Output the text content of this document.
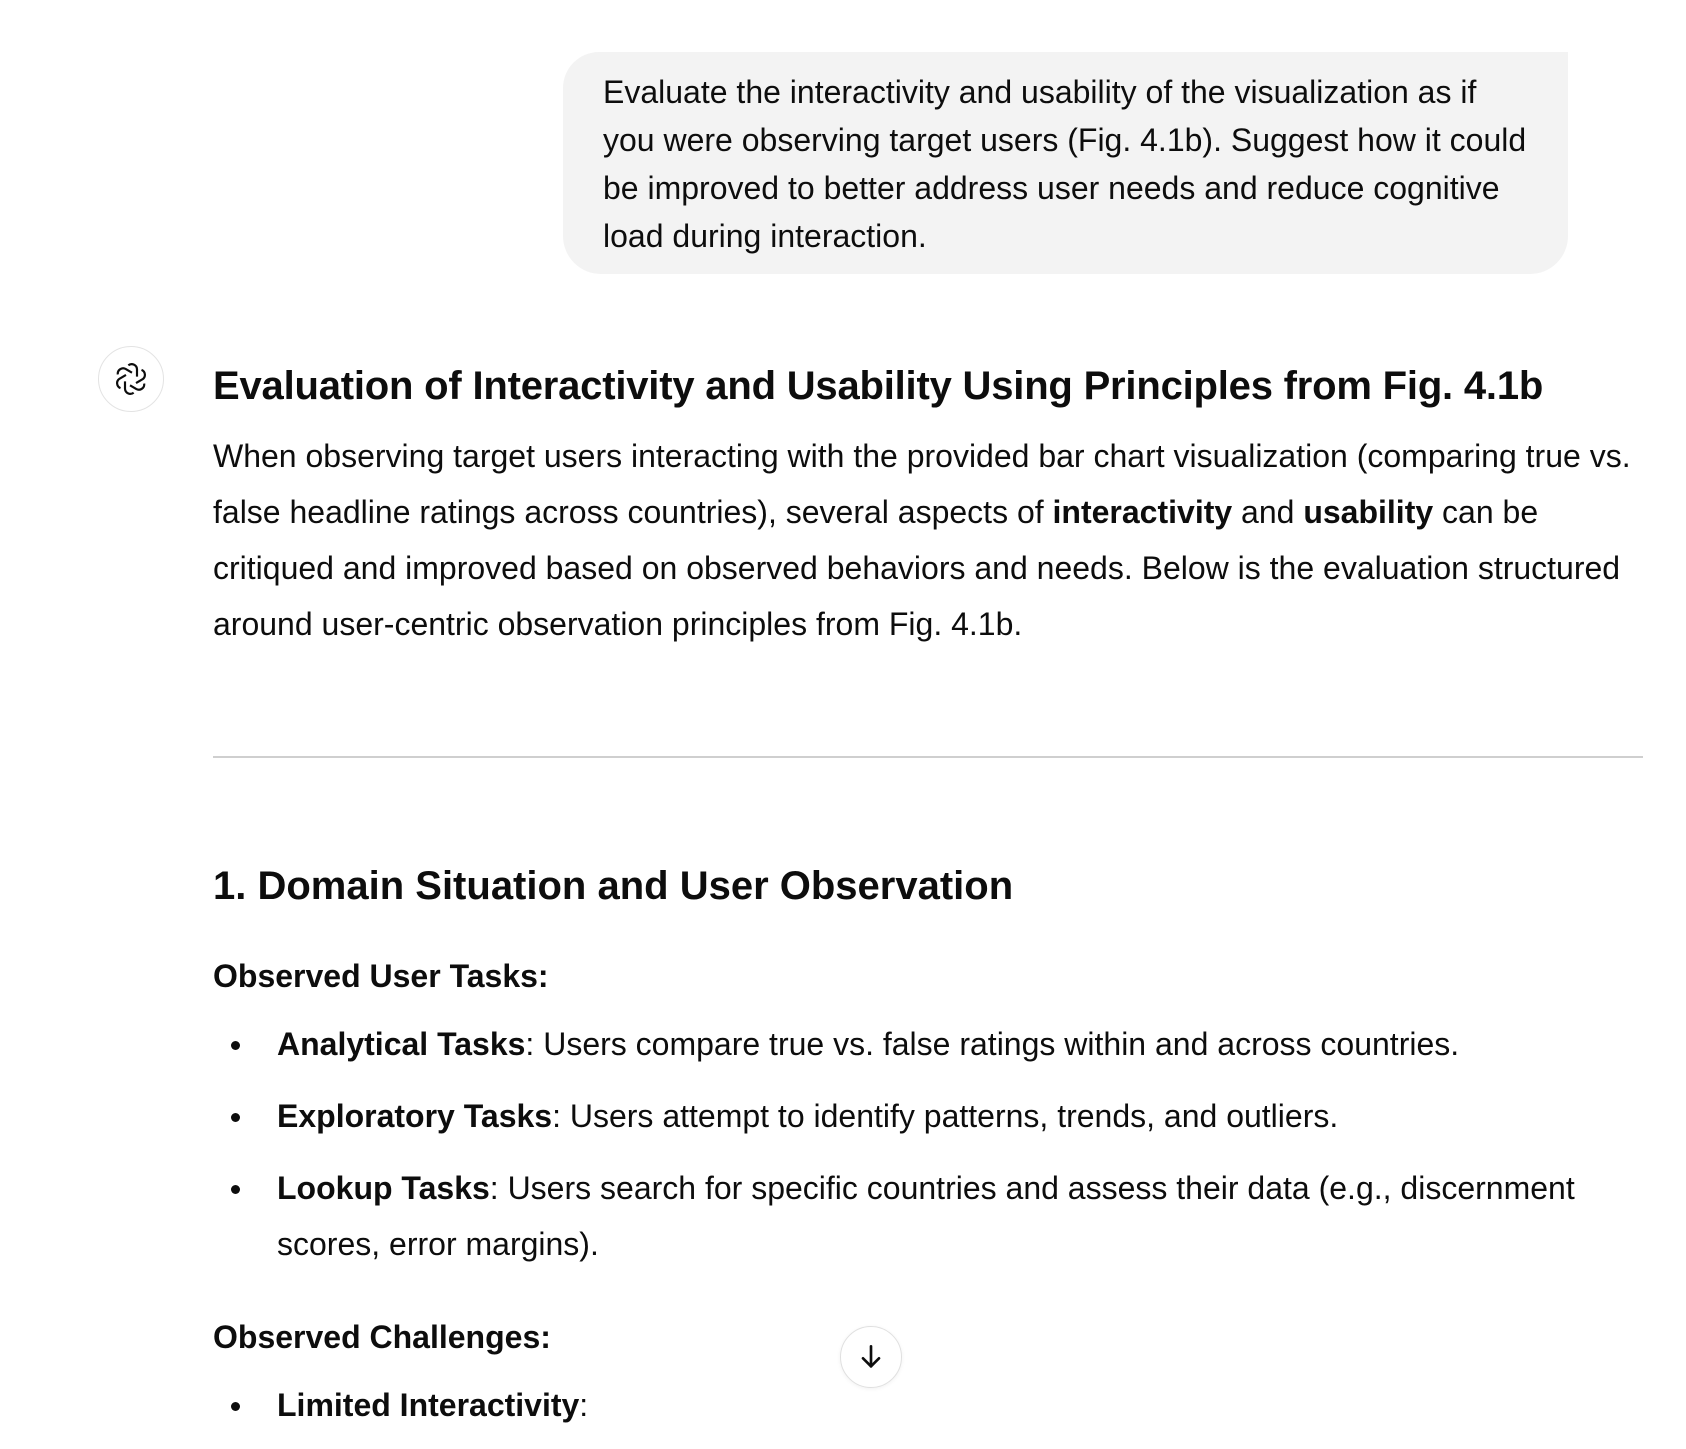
Evaluate the interactivity and usability of the visualization as if you were observing target users (Fig. 4.1b). Suggest how it could be improved to better address user needs and reduce cognitive load during interaction.
Evaluation of Interactivity and Usability Using Principles from Fig. 4.1b

When observing target users interacting with the provided bar chart visualization (comparing true vs. false headline ratings across countries), several aspects of interactivity and usability can be critiqued and improved based on observed behaviors and needs. Below is the evaluation structured around user-centric observation principles from Fig. 4.1b.

1. Domain Situation and User Observation
Observed User Tasks:
Analytical Tasks: Users compare true vs. false ratings within and across countries.
Exploratory Tasks: Users attempt to identify patterns, trends, and outliers.
Lookup Tasks: Users search for specific countries and assess their data (e.g., discernment scores, error margins).
Observed Challenges:
Limited Interactivity:
